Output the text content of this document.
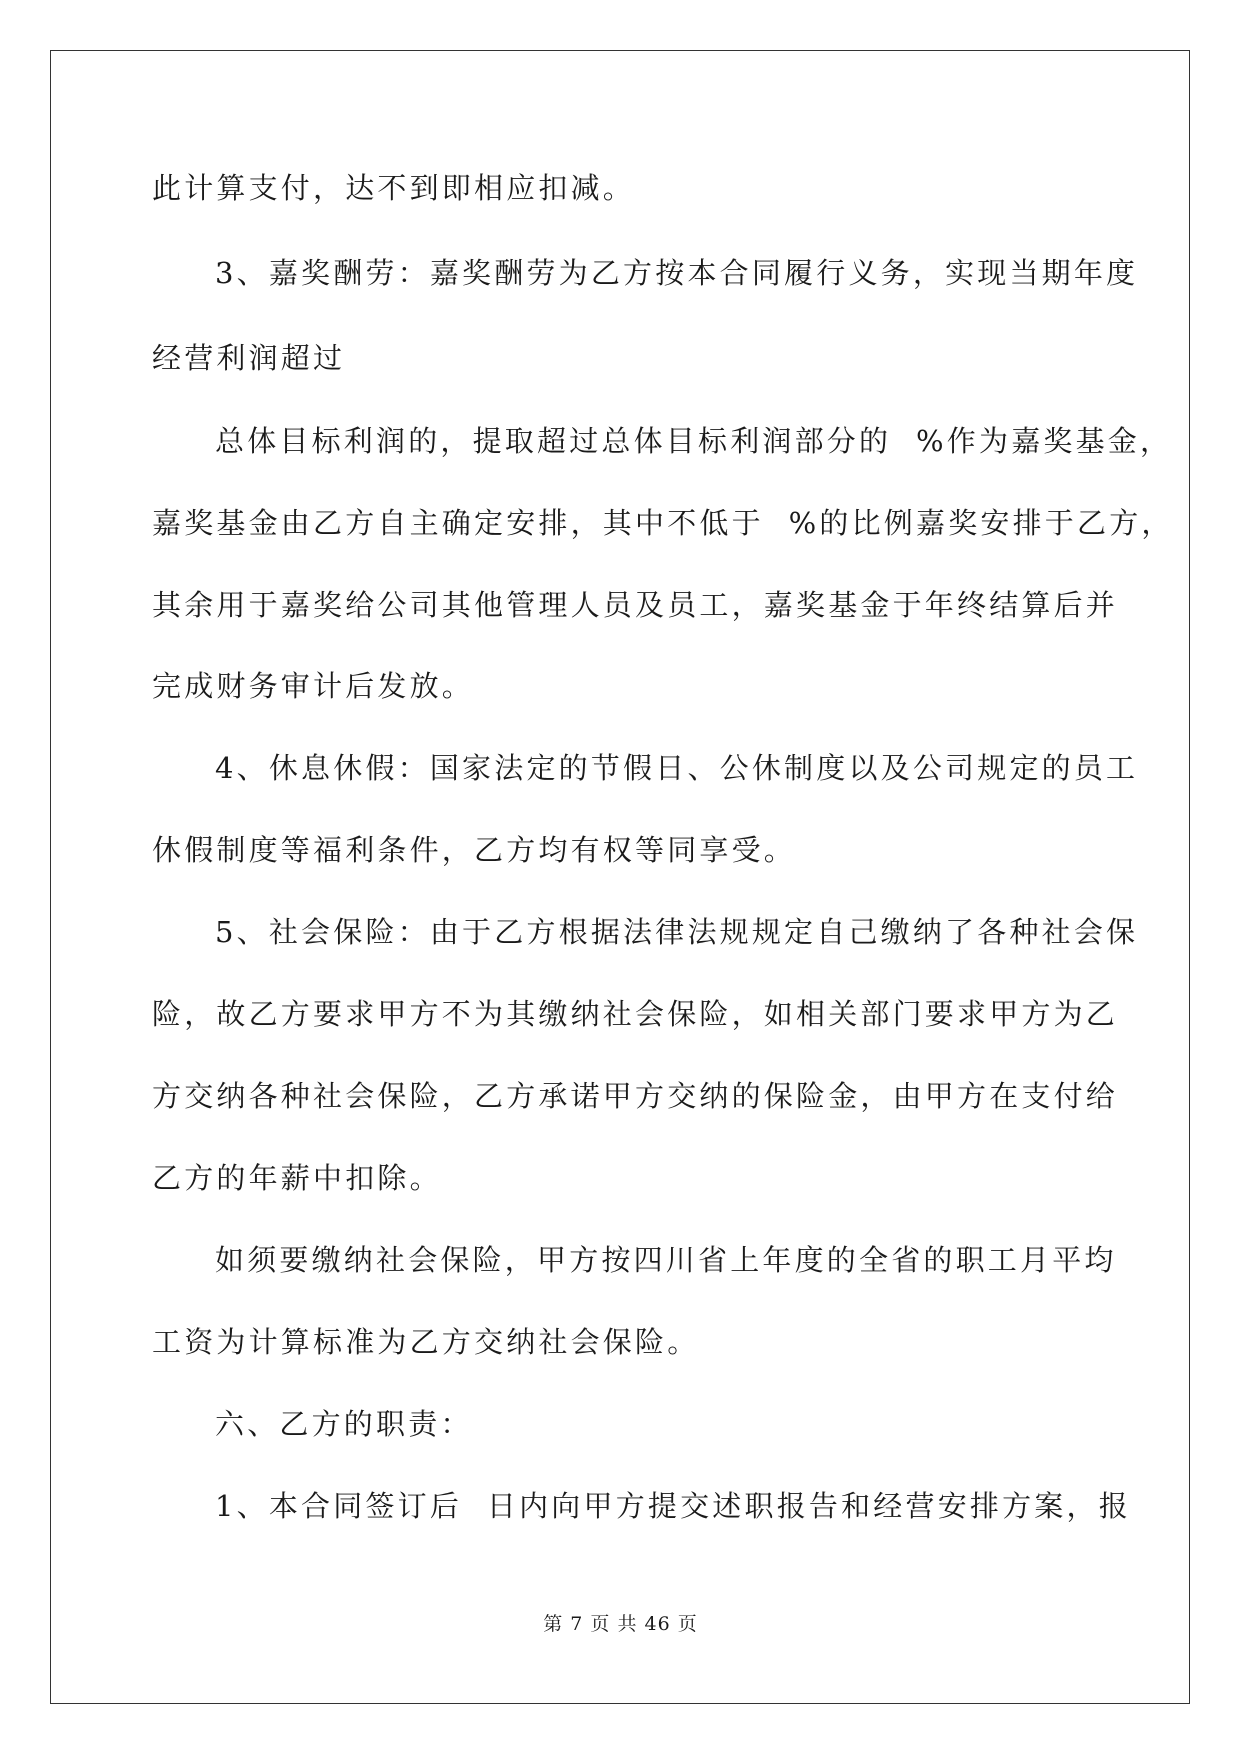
此计算支付，达不到即相应扣减。
3、嘉奖酬劳：嘉奖酬劳为乙方按本合同履行义务，实现当期年度
经营利润超过
总体目标利润的，提取超过总体目标利润部分的  %作为嘉奖基金，
嘉奖基金由乙方自主确定安排，其中不低于  %的比例嘉奖安排于乙方，
其余用于嘉奖给公司其他管理人员及员工，嘉奖基金于年终结算后并
完成财务审计后发放。
4、休息休假：国家法定的节假日、公休制度以及公司规定的员工
休假制度等福利条件，乙方均有权等同享受。
5、社会保险：由于乙方根据法律法规规定自己缴纳了各种社会保
险，故乙方要求甲方不为其缴纳社会保险，如相关部门要求甲方为乙
方交纳各种社会保险，乙方承诺甲方交纳的保险金，由甲方在支付给
乙方的年薪中扣除。
如须要缴纳社会保险，甲方按四川省上年度的全省的职工月平均
工资为计算标准为乙方交纳社会保险。
六、乙方的职责：
1、本合同签订后  日内向甲方提交述职报告和经营安排方案，报
第 7 页 共 46 页
